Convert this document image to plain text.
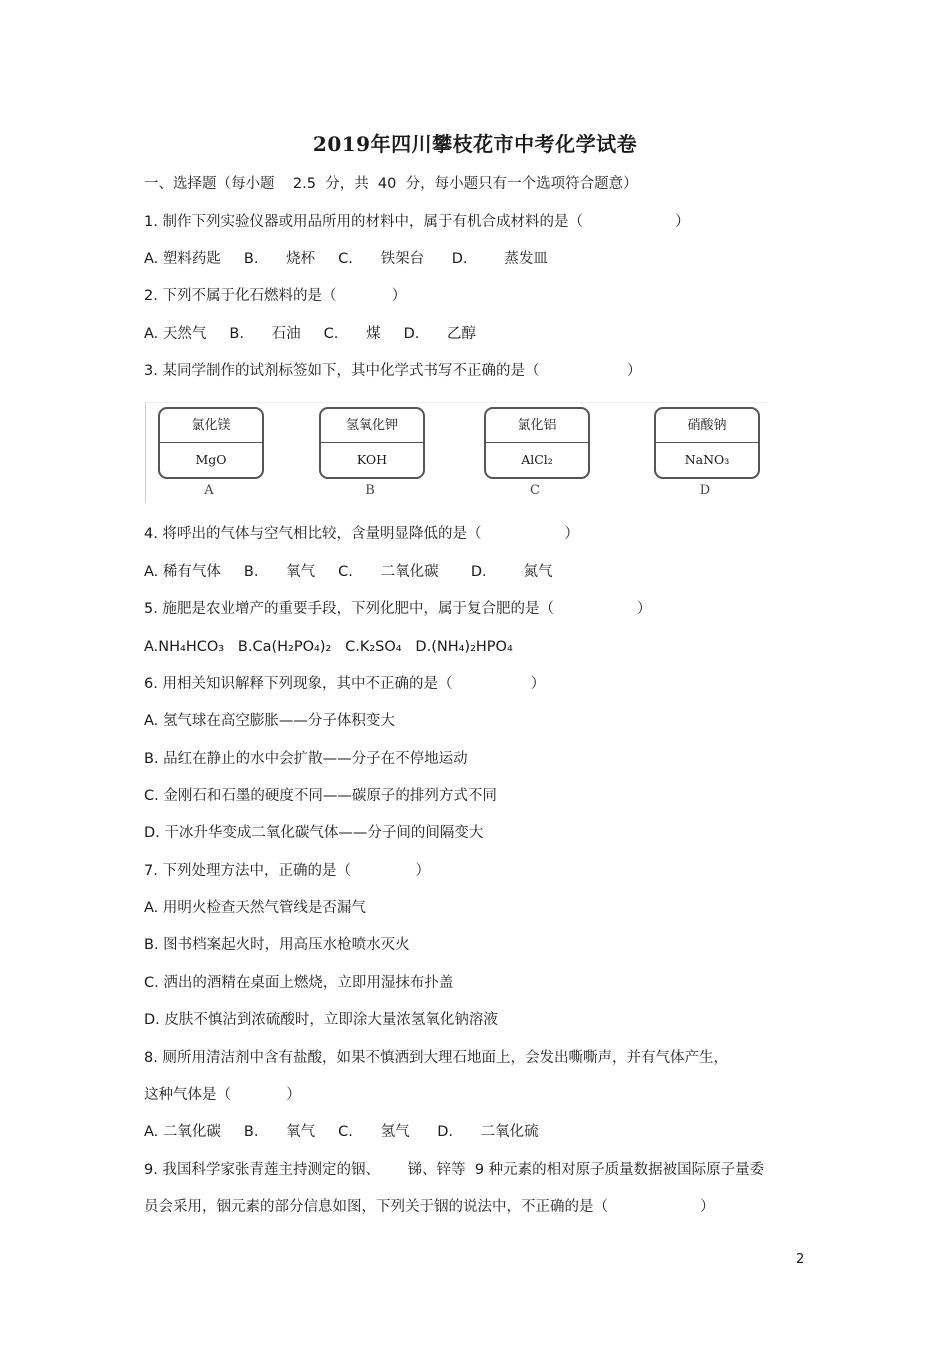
2019年四川攀枝花市中考化学试卷
一、选择题（每小题    2.5  分，共  40  分，每小题只有一个选项符合题意）
1. 制作下列实验仪器或用品所用的材料中，属于有机合成材料的是（                    ）
A. 塑料药匙     B.      烧杯     C.      铁架台      D.        蒸发皿
2. 下列不属于化石燃料的是（            ）
A. 天然气     B.      石油     C.      煤     D.      乙醇
3. 某同学制作的试剂标签如下，其中化学式书写不正确的是（                   ）
氯化镁
MgO
A
氢氧化钾
KOH
B
氯化铝
AlCl₂
C
硝酸钠
NaNO₃
D
4. 将呼出的气体与空气相比较，含量明显降低的是（                  ）
A. 稀有气体     B.      氧气     C.      二氧化碳       D.        氮气
5. 施肥是农业增产的重要手段，下列化肥中，属于复合肥的是（                  ）
A.NH₄HCO₃   B.Ca(H₂PO₄)₂   C.K₂SO₄   D.(NH₄)₂HPO₄
6. 用相关知识解释下列现象，其中不正确的是（                 ）
A. 氢气球在高空膨胀——分子体积变大
B. 品红在静止的水中会扩散——分子在不停地运动
C. 金刚石和石墨的硬度不同——碳原子的排列方式不同
D. 干冰升华变成二氧化碳气体——分子间的间隔变大
7. 下列处理方法中，正确的是（              ）
A. 用明火检查天然气管线是否漏气
B. 图书档案起火时，用高压水枪喷水灭火
C. 洒出的酒精在桌面上燃烧，立即用湿抹布扑盖
D. 皮肤不慎沾到浓硫酸时，立即涂大量浓氢氧化钠溶液
8. 厕所用清洁剂中含有盐酸，如果不慎洒到大理石地面上，会发出嘶嘶声，并有气体产生，
这种气体是（            ）
A. 二氧化碳     B.      氧气     C.      氢气      D.      二氧化硫
9. 我国科学家张青莲主持测定的铟、      锑、锌等  9 种元素的相对原子质量数据被国际原子量委
员会采用，铟元素的部分信息如图，下列关于铟的说法中，不正确的是（                    ）
2
